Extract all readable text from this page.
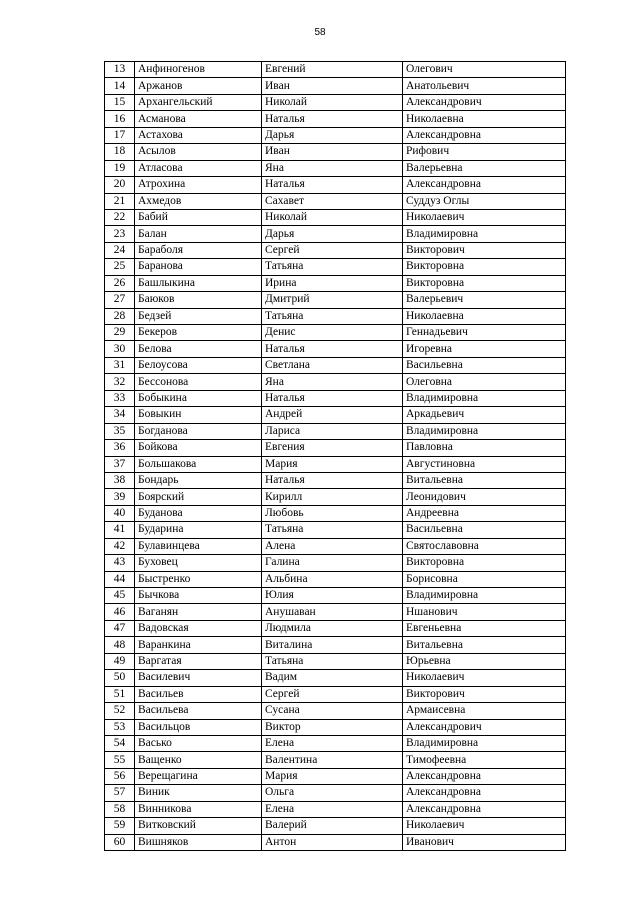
58
13	Анфиногенов	Евгений	Олегович
14	Аржанов	Иван	Анатольевич
15	Архангельский	Николай	Александрович
16	Асманова	Наталья	Николаевна
17	Астахова	Дарья	Александровна
18	Асылов	Иван	Рифович
19	Атласова	Яна	Валерьевна
20	Атрохина	Наталья	Александровна
21	Ахмедов	Сахавет	Суддуз Оглы
22	Бабий	Николай	Николаевич
23	Балан	Дарья	Владимировна
24	Бараболя	Сергей	Викторович
25	Баранова	Татьяна	Викторовна
26	Башлыкина	Ирина	Викторовна
27	Баюков	Дмитрий	Валерьевич
28	Бедзей	Татьяна	Николаевна
29	Бекеров	Денис	Геннадьевич
30	Белова	Наталья	Игоревна
31	Белоусова	Светлана	Васильевна
32	Бессонова	Яна	Олеговна
33	Бобыкина	Наталья	Владимировна
34	Бовыкин	Андрей	Аркадьевич
35	Богданова	Лариса	Владимировна
36	Бойкова	Евгения	Павловна
37	Большакова	Мария	Августиновна
38	Бондарь	Наталья	Витальевна
39	Боярский	Кирилл	Леонидович
40	Буданова	Любовь	Андреевна
41	Бударина	Татьяна	Васильевна
42	Булавинцева	Алена	Святославовна
43	Буховец	Галина	Викторовна
44	Быстренко	Альбина	Борисовна
45	Бычкова	Юлия	Владимировна
46	Ваганян	Анушаван	Ншанович
47	Вадовская	Людмила	Евгеньевна
48	Варанкина	Виталина	Витальевна
49	Варгатая	Татьяна	Юрьевна
50	Василевич	Вадим	Николаевич
51	Васильев	Сергей	Викторович
52	Васильева	Сусана	Армаисевна
53	Васильцов	Виктор	Александрович
54	Васько	Елена	Владимировна
55	Ващенко	Валентина	Тимофеевна
56	Верещагина	Мария	Александровна
57	Виник	Ольга	Александровна
58	Винникова	Елена	Александровна
59	Витковский	Валерий	Николаевич
60	Вишняков	Антон	Иванович
